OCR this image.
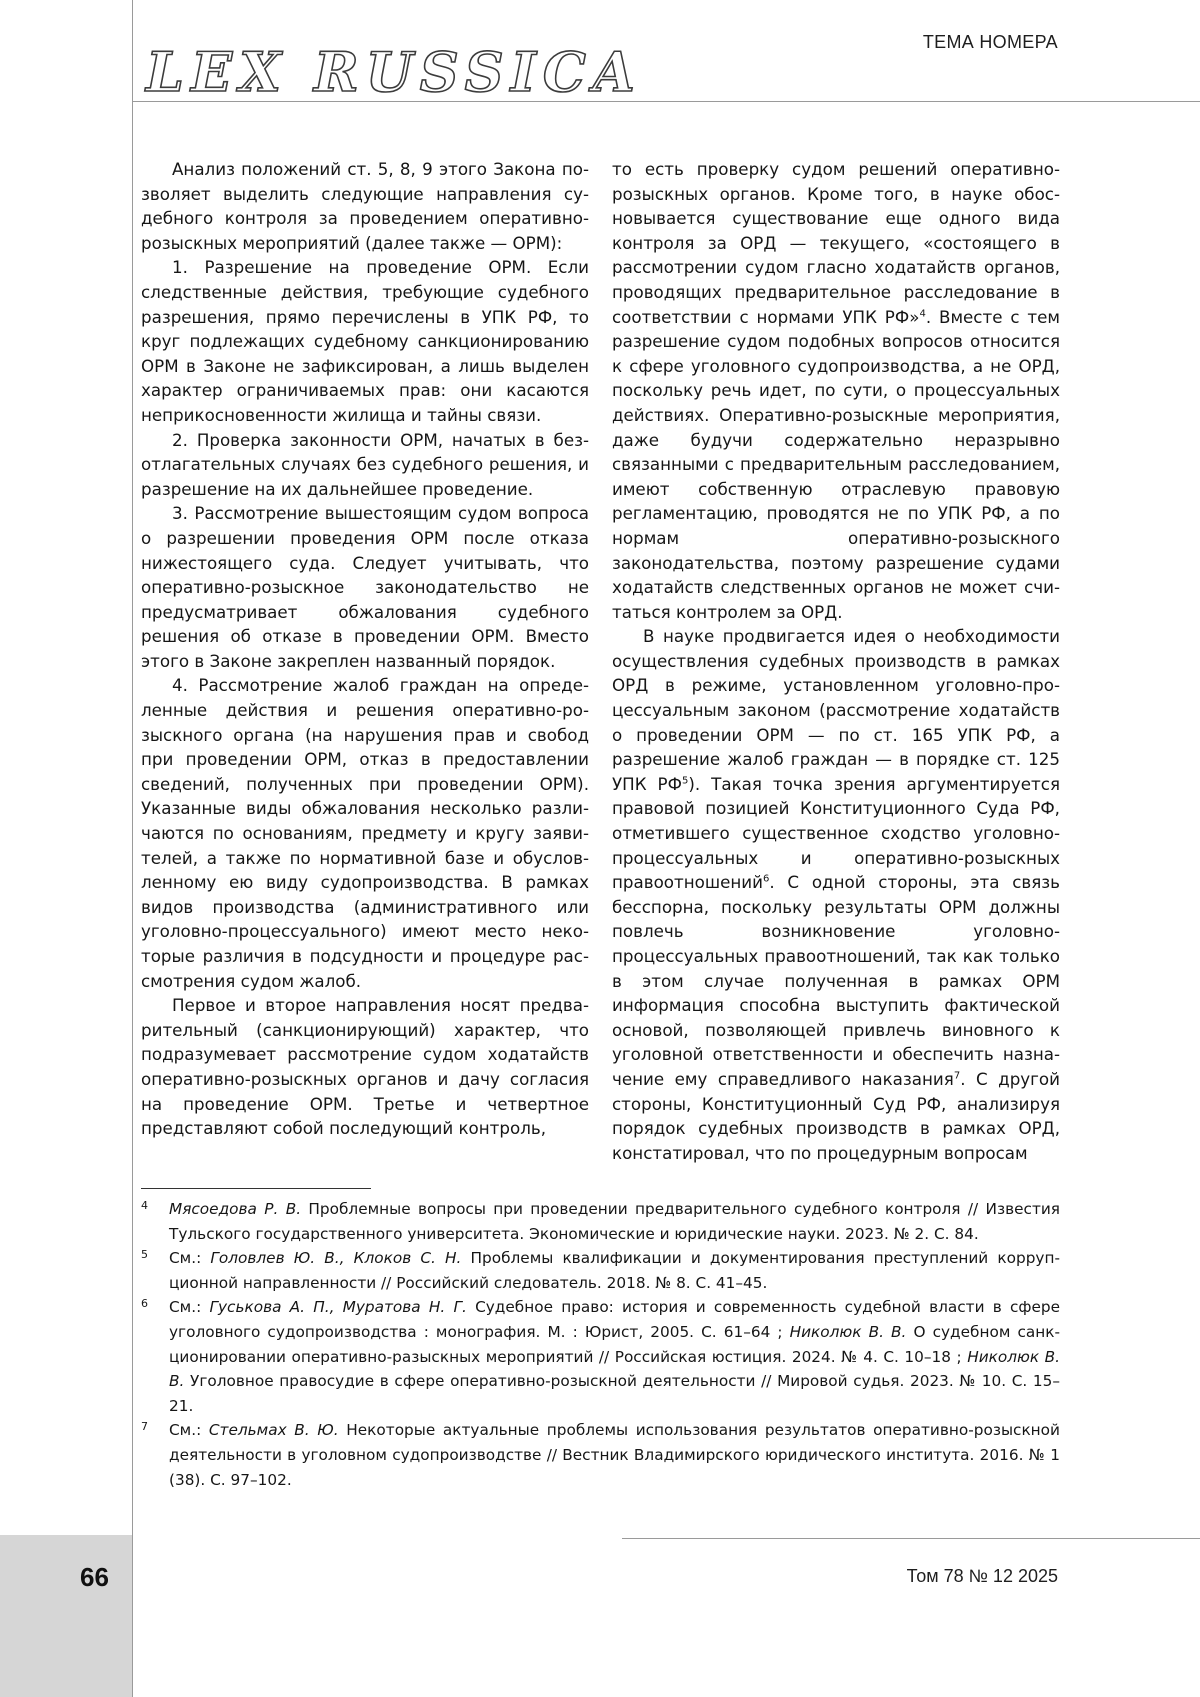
LEX RUSSICA	ТЕМА НОМЕРА

Анализ положений ст. 5, 8, 9 этого Закона позволяет выделить следующие направления судебного контроля за проведением оперативнорозыскных мероприятий (далее также — ОРМ):

1. Разрешение на проведение ОРМ. Если следственные действия, требующие судебного разрешения, прямо перечислены в УПК РФ, то круг подлежащих судебному санкционированию ОРМ в Законе не зафиксирован, а лишь выделен характер ограничиваемых прав: они касаются неприкосновенности жилища и тайны связи.

2. Проверка законности ОРМ, начатых в безотлагательных случаях без судебного решения, и разрешение на их дальнейшее проведение.

3. Рассмотрение вышестоящим судом вопроса о разрешении проведения ОРМ после отказа нижестоящего суда. Следует учитывать, что оперативно-розыскное законодательство не предусматривает обжалования судебного решения об отказе в проведении ОРМ. Вместо этого в Законе закреплен названный порядок.

4. Рассмотрение жалоб граждан на определенные действия и решения оперативно-розыскного органа (на нарушения прав и свобод при проведении ОРМ, отказ в предоставлении сведений, полученных при проведении ОРМ). Указанные виды обжалования несколько различаются по основаниям, предмету и кругу заявителей, а также по нормативной базе и обусловленному ею виду судопроизводства. В рамках видов производства (административного или уголовно-процессуального) имеют место некоторые различия в подсудности и процедуре рассмотрения судом жалоб.

Первое и второе направления носят предварительный (санкционирующий) характер, что подразумевает рассмотрение судом ходатайств оперативно-розыскных органов и дачу согласия на проведение ОРМ. Третье и четвертное представляют собой последующий контроль,

то есть проверку судом решений оперативнорозыскных органов. Кроме того, в науке обосновывается существование еще одного вида контроля за ОРД — текущего, «состоящего в рассмотрении судом гласно ходатайств органов, проводящих предварительное расследование в соответствии с нормами УПК РФ»$^4$. Вместе с тем разрешение судом подобных вопросов относится к сфере уголовного судопроизводства, а не ОРД, поскольку речь идет, по сути, о процессуальных действиях. Оперативно-розыскные мероприятия, даже будучи содержательно неразрывно связанными с предварительным расследованием, имеют собственную отраслевую правовую регламентацию, проводятся не по УПК РФ, а по нормам оперативно-розыскного законодательства, поэтому разрешение судами ходатайств следственных органов не может считаться контролем за ОРД.

В науке продвигается идея о необходимости осуществления судебных производств в рамках ОРД в режиме, установленном уголовно-процессуальным законом (рассмотрение ходатайств о проведении ОРМ — по ст. 165 УПК РФ, а разрешение жалоб граждан — в порядке ст. 125 УПК $РФ^5$). Такая точка зрения аргументируется правовой позицией Конституционного Суда РФ, отметившего существенное сходство уголовно-процессуальных и оперативно-розыскных правоотношений$^6$. С одной стороны, эта связь бесспорна, поскольку результаты ОРМ должны повлечь возникновение уголовно-процессуальных правоотношений, так как только в этом случае полученная в рамках ОРМ информация способна выступить фактической основой, позволяющей привлечь виновного к уголовной ответственности и обеспечить назначение ему справедливого наказания$^7$. С другой стороны, Конституционный Суд РФ, анализируя порядок судебных производств в рамках ОРД, констатировал, что по процедурным вопросам

4	Мясоедова Р. В. Проблемные вопросы при проведении предварительного судебного контроля // Известия Тульского государственного университета. Экономические и юридические науки. 2023. № 2. С. 84.
5	См.: Головлев Ю. В., Клоков С. Н. Проблемы квалификации и документирования преступлений коррупционной направленности // Российский следователь. 2018. № 8. С. 41–45.
6	См.: Гуськова А. П., Муратова Н. Г. Судебное право: история и современность судебной власти в сфере уголовного судопроизводства : монография. М. : Юрист, 2005. С. 61–64 ; Николюк В. В. О судебном санкционировании оперативно-разыскных мероприятий // Российская юстиция. 2024. № 4. С. 10–18 ; Николюк В. В. Уголовное правосудие в сфере оперативно-розыскной деятельности // Мировой судья. 2023. № 10. С. 15–21.
7	См.: Стельмах В. Ю. Некоторые актуальные проблемы использования результатов оперативно-розыскной деятельности в уголовном судопроизводстве // Вестник Владимирского юридического института. 2016. № 1 (38). С. 97–102.
66	Том 78 № 12 2025
